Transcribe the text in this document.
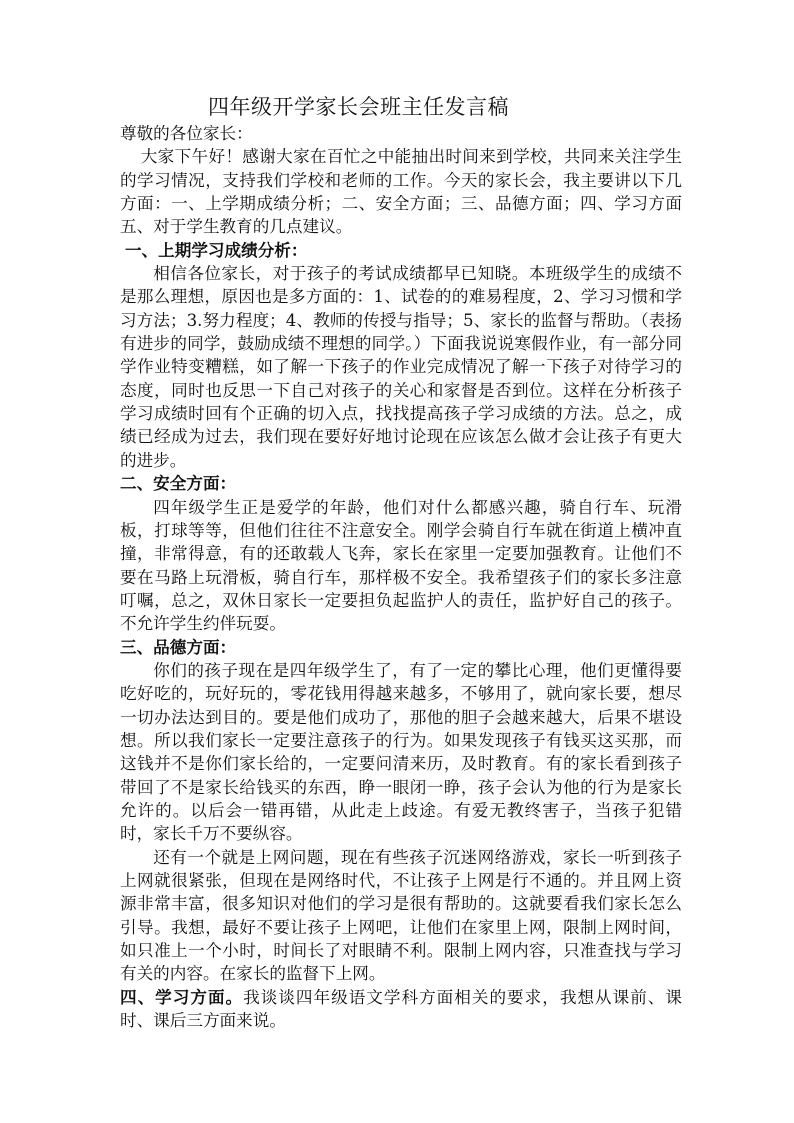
四年级开学家长会班主任发言稿

尊敬的各位家长：

大家下午好！感谢大家在百忙之中能抽出时间来到学校，共同来关注学生的学习情况，支持我们学校和老师的工作。今天的家长会，我主要讲以下几方面：一、上学期成绩分析；二、安全方面；三、品德方面；四、学习方面 五、对于学生教育的几点建议。

一、上期学习成绩分析：

相信各位家长，对于孩子的考试成绩都早已知晓。本班级学生的成绩不是那么理想，原因也是多方面的：1、试卷的的难易程度，2、学习习惯和学习方法；3.努力程度；4、教师的传授与指导；5、家长的监督与帮助。（表扬有进步的同学，鼓励成绩不理想的同学。）下面我说说寒假作业，有一部分同学作业特变糟糕，如了解一下孩子的作业完成情况了解一下孩子对待学习的态度，同时也反思一下自己对孩子的关心和家督是否到位。这样在分析孩子学习成绩时回有个正确的切入点，找找提高孩子学习成绩的方法。总之，成绩已经成为过去，我们现在要好好地讨论现在应该怎么做才会让孩子有更大的进步。

二、安全方面：

四年级学生正是爱学的年龄，他们对什么都感兴趣，骑自行车、玩滑板，打球等等，但他们往往不注意安全。刚学会骑自行车就在街道上横冲直撞，非常得意，有的还敢载人飞奔，家长在家里一定要加强教育。让他们不要在马路上玩滑板，骑自行车，那样极不安全。我希望孩子们的家长多注意叮嘱，总之，双休日家长一定要担负起监护人的责任，监护好自己的孩子。不允许学生约伴玩耍。

三、品德方面：

你们的孩子现在是四年级学生了，有了一定的攀比心理，他们更懂得要吃好吃的，玩好玩的，零花钱用得越来越多，不够用了，就向家长要，想尽一切办法达到目的。要是他们成功了，那他的胆子会越来越大，后果不堪设想。所以我们家长一定要注意孩子的行为。如果发现孩子有钱买这买那，而这钱并不是你们家长给的，一定要问清来历，及时教育。有的家长看到孩子带回了不是家长给钱买的东西，睁一眼闭一睁，孩子会认为他的行为是家长允许的。以后会一错再错，从此走上歧途。有爱无教终害子，当孩子犯错时，家长千万不要纵容。

还有一个就是上网问题，现在有些孩子沉迷网络游戏，家长一听到孩子上网就很紧张，但现在是网络时代，不让孩子上网是行不通的。并且网上资源非常丰富，很多知识对他们的学习是很有帮助的。这就要看我们家长怎么引导。我想，最好不要让孩子上网吧，让他们在家里上网，限制上网时间，如只准上一个小时，时间长了对眼睛不利。限制上网内容，只准查找与学习有关的内容。在家长的监督下上网。

四、学习方面。我谈谈四年级语文学科方面相关的要求，我想从课前、课时、课后三方面来说。
